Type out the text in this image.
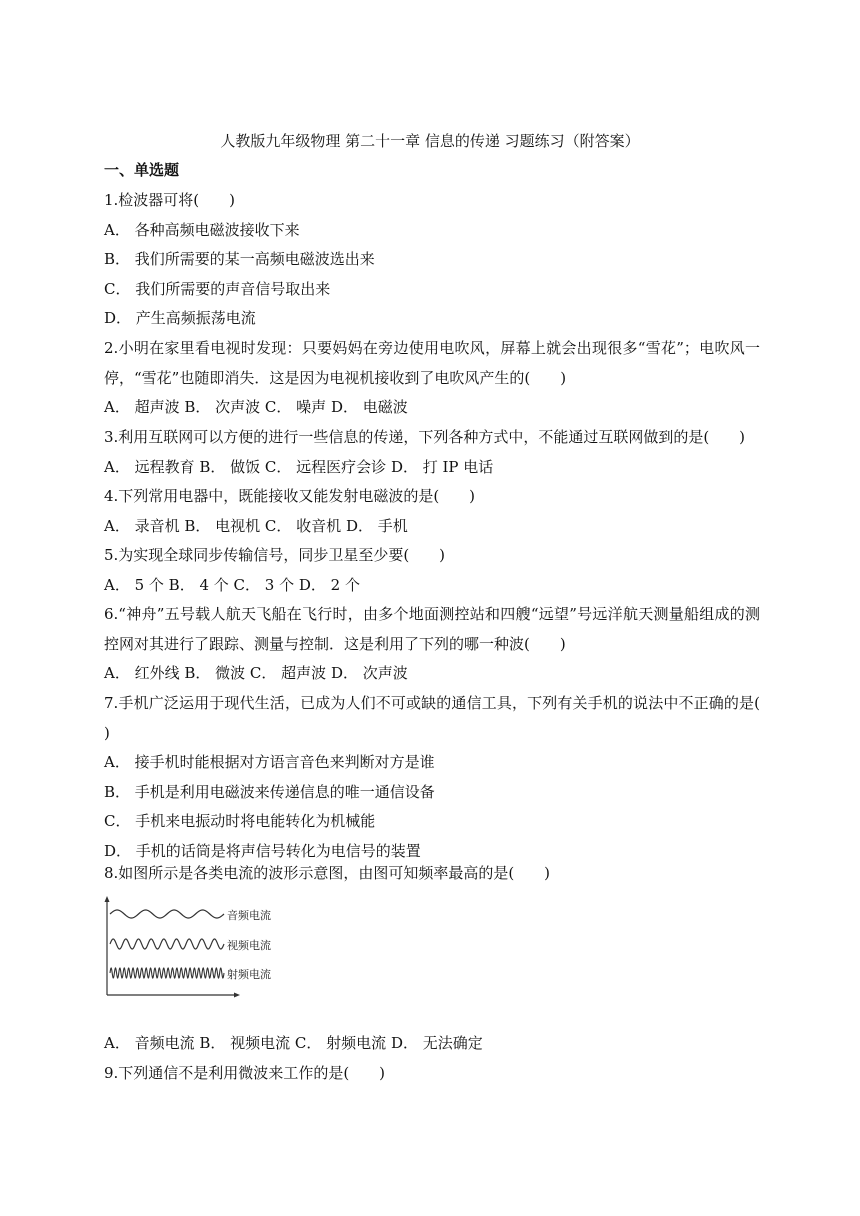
人教版九年级物理 第二十一章 信息的传递 习题练习（附答案）
一、单选题
1.检波器可将(　　)
A． 各种高频电磁波接收下来
B． 我们所需要的某一高频电磁波选出来
C． 我们所需要的声音信号取出来
D． 产生高频振荡电流
2.小明在家里看电视时发现：只要妈妈在旁边使用电吹风，屏幕上就会出现很多“雪花”；电吹风一停，“雪花”也随即消失．这是因为电视机接收到了电吹风产生的(　　)
A． 超声波 B． 次声波 C． 噪声 D． 电磁波
3.利用互联网可以方便的进行一些信息的传递，下列各种方式中，不能通过互联网做到的是(　　)
A． 远程教育 B． 做饭 C． 远程医疗会诊 D． 打 IP 电话
4.下列常用电器中，既能接收又能发射电磁波的是(　　)
A． 录音机 B． 电视机 C． 收音机 D． 手机
5.为实现全球同步传输信号，同步卫星至少要(　　)
A． 5 个 B． 4 个 C． 3 个 D． 2 个
6.“神舟”五号载人航天飞船在飞行时，由多个地面测控站和四艘“远望”号远洋航天测量船组成的测控网对其进行了跟踪、测量与控制．这是利用了下列的哪一种波(　　)
A． 红外线 B． 微波 C． 超声波 D． 次声波
7.手机广泛运用于现代生活，已成为人们不可或缺的通信工具，下列有关手机的说法中不正确的是(　　)
A． 接手机时能根据对方语言音色来判断对方是谁
B． 手机是利用电磁波来传递信息的唯一通信设备
C． 手机来电振动时将电能转化为机械能
D． 手机的话筒是将声信号转化为电信号的装置
8.如图所示是各类电流的波形示意图，由图可知频率最高的是(　　)
音频电流
视频电流
射频电流
A． 音频电流 B． 视频电流 C． 射频电流 D． 无法确定
9.下列通信不是利用微波来工作的是(　　)
